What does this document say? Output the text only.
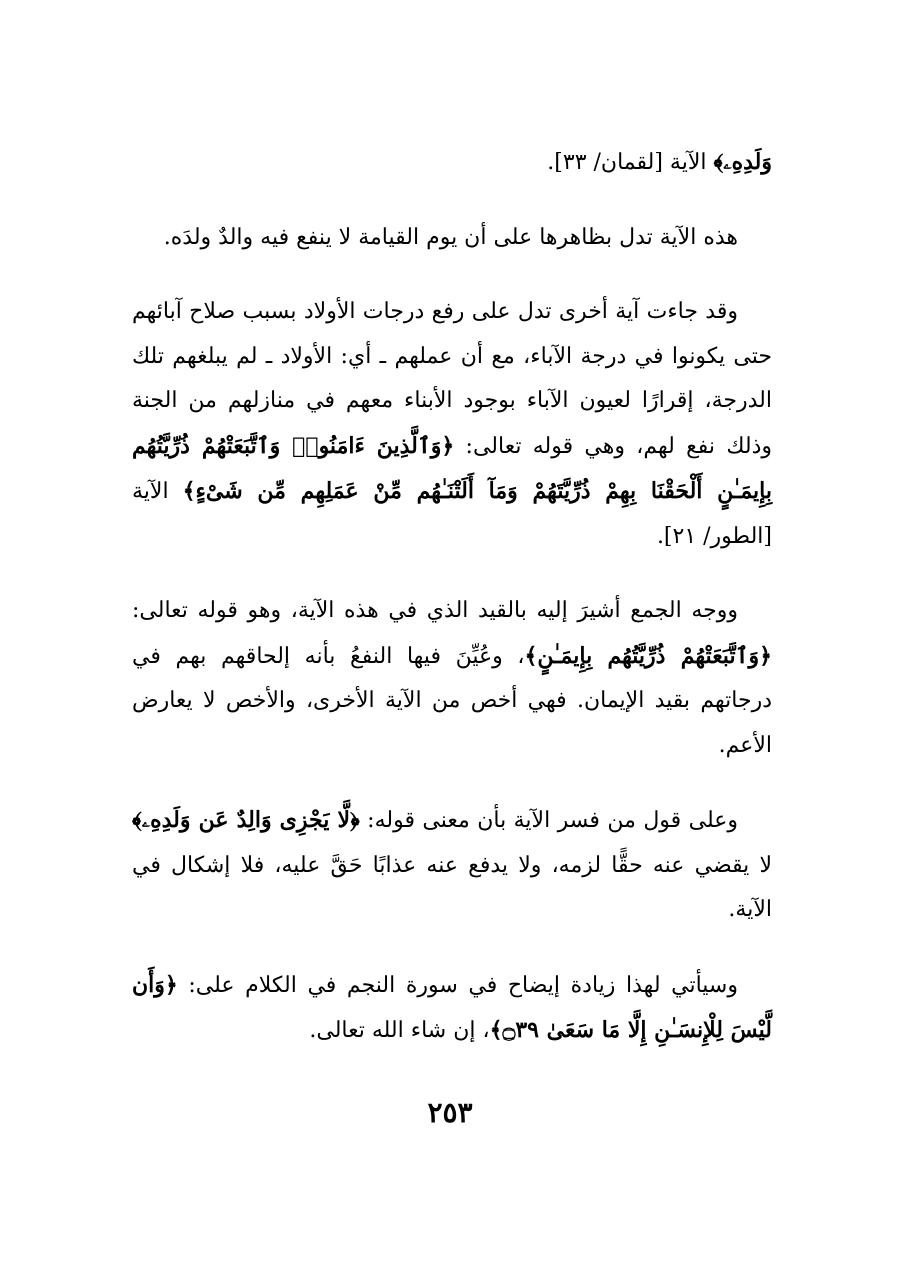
وَلَدِهِۦ﴾ الآية [لقمان/ ٣٣].

هذه الآية تدل بظاهرها على أن يوم القيامة لا ينفع فيه والدٌ ولدَه.

وقد جاءت آية أخرى تدل على رفع درجات الأولاد بسبب صلاح آبائهم حتى يكونوا في درجة الآباء، مع أن عملهم ـ أي: الأولاد ـ لم يبلغهم تلك الدرجة، إقرارًا لعيون الآباء بوجود الأبناء معهم في منازلهم من الجنة وذلك نفع لهم، وهي قوله تعالى: ﴿وَٱلَّذِينَ ءَامَنُوا۟ وَٱتَّبَعَتْهُمْ ذُرِّيَّتُهُم بِإِيمَـٰنٍ أَلْحَقْنَا بِهِمْ ذُرِّيَّتَهُمْ وَمَآ أَلَتْنَـٰهُم مِّنْ عَمَلِهِم مِّن شَىْءٍ﴾ الآية [الطور/ ٢١].

ووجه الجمع أشيرَ إليه بالقيد الذي في هذه الآية، وهو قوله تعالى: ﴿وَٱتَّبَعَتْهُمْ ذُرِّيَّتُهُم بِإِيمَـٰنٍ﴾، وعُيِّنَ فيها النفعُ بأنه إلحاقهم بهم في درجاتهم بقيد الإيمان. فهي أخص من الآية الأخرى، والأخص لا يعارض الأعم.

وعلى قول من فسر الآية بأن معنى قوله: ﴿لَّا يَجْزِى وَالِدٌ عَن وَلَدِهِۦ﴾ لا يقضي عنه حقًّا لزمه، ولا يدفع عنه عذابًا حَقَّ عليه، فلا إشكال في الآية.

وسيأتي لهذا زيادة إيضاح في سورة النجم في الكلام على: ﴿وَأَن لَّيْسَ لِلْإِنسَـٰنِ إِلَّا مَا سَعَىٰ ۝٣٩﴾، إن شاء الله تعالى.

٢٥٣
